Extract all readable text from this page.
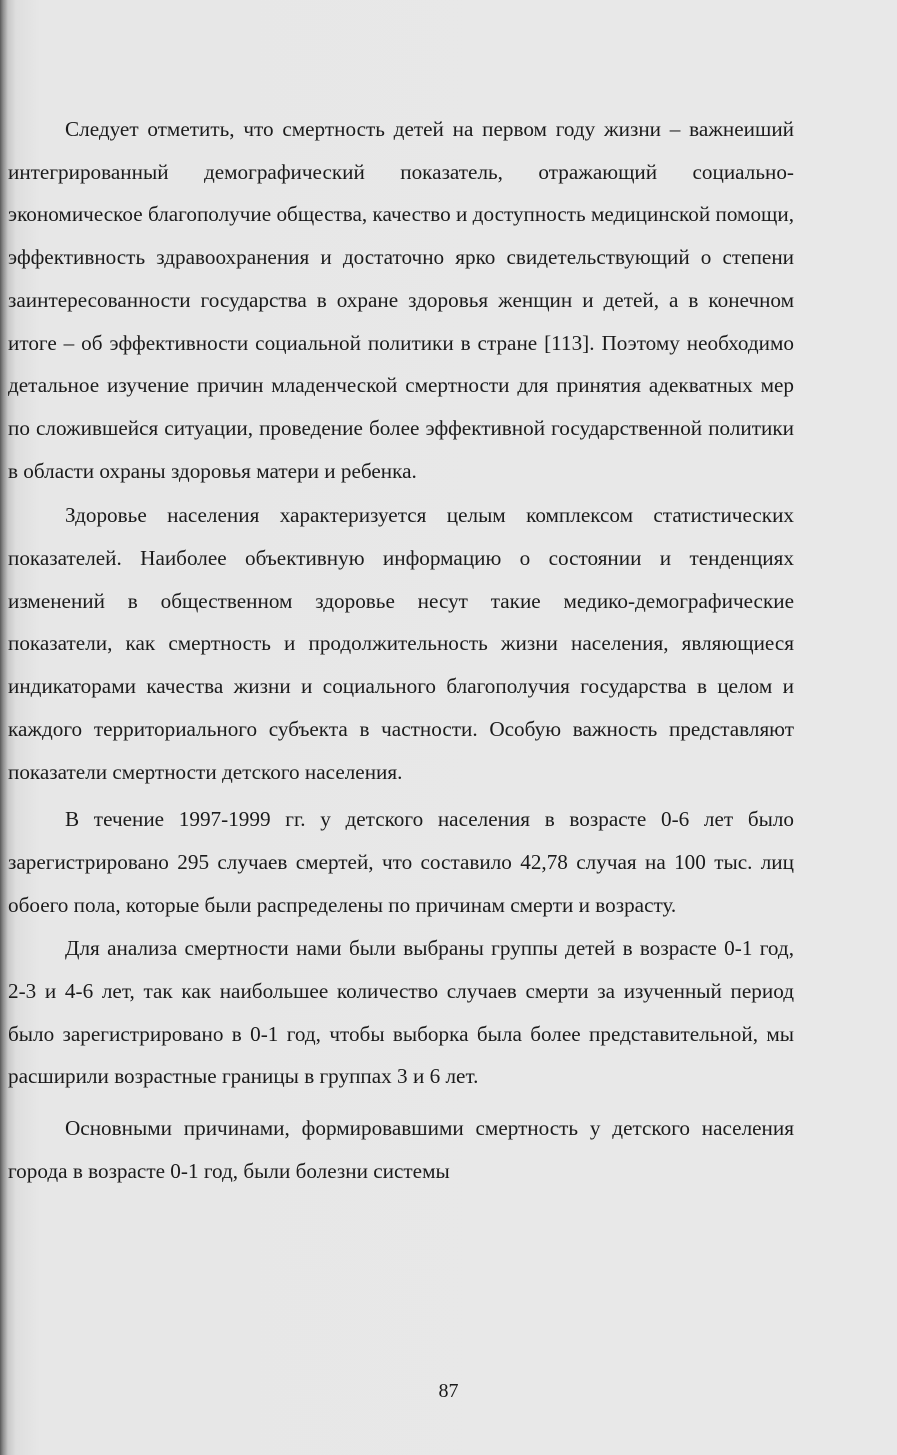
Следует отметить, что смертность детей на первом году жизни – важнеиший интегрированный демографический показатель, отражающий социально-экономическое благополучие общества, качество и доступность медицинской помощи, эффективность здравоохранения и достаточно ярко свидетельствующий о степени заинтересованности государства в охране здоровья женщин и детей, а в конечном итоге – об эффективности социальной политики в стране [113]. Поэтому необходимо детальное изучение причин младенческой смертности для принятия адекватных мер по сложившейся ситуации, проведение более эффективной государственной политики в области охраны здоровья матери и ребенка.

Здоровье населения характеризуется целым комплексом статистических показателей. Наиболее объективную информацию о состоянии и тенденциях изменений в общественном здоровье несут такие медико-демографические показатели, как смертность и продолжительность жизни населения, являющиеся индикаторами качества жизни и социального благополучия государства в целом и каждого территориального субъекта в частности. Особую важность представляют показатели смертности детского населения.

В течение 1997-1999 гг. у детского населения в возрасте 0-6 лет было зарегистрировано 295 случаев смертей, что составило 42,78 случая на 100 тыс. лиц обоего пола, которые были распределены по причинам смерти и возрасту.

Для анализа смертности нами были выбраны группы детей в возрасте 0-1 год, 2-3 и 4-6 лет, так как наибольшее количество случаев смерти за изученный период было зарегистрировано в 0-1 год, чтобы выборка была более представительной, мы расширили возрастные границы в группах 3 и 6 лет.

Основными причинами, формировавшими смертность у детского населения города в возрасте 0-1 год, были болезни системы

87
